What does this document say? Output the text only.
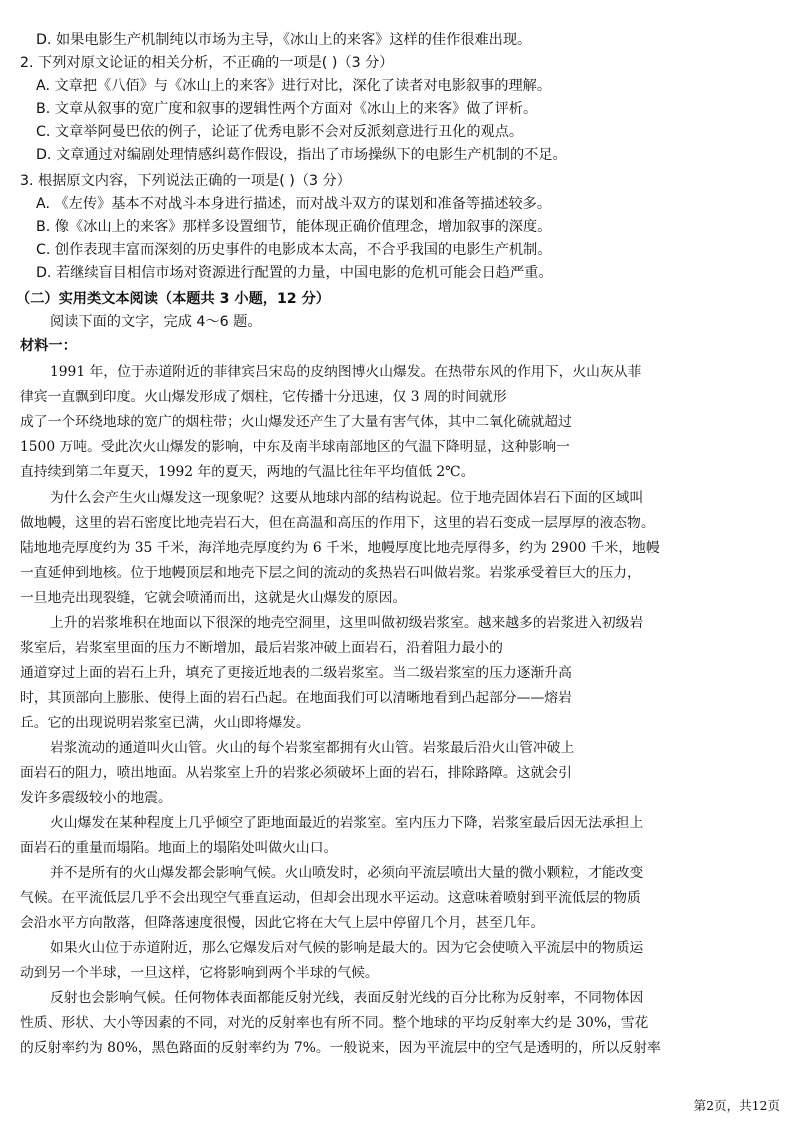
D. 如果电影生产机制纯以市场为主导，《冰山上的来客》这样的佳作很难出现。
2. 下列对原文论证的相关分析，不正确的一项是( )（3 分）
A. 文章把《八佰》与《冰山上的来客》进行对比，深化了读者对电影叙事的理解。
B. 文章从叙事的宽广度和叙事的逻辑性两个方面对《冰山上的来客》做了评析。
C. 文章举阿曼巴依的例子，论证了优秀电影不会对反派刻意进行丑化的观点。
D. 文章通过对编剧处理情感纠葛作假设，指出了市场操纵下的电影生产机制的不足。
3. 根据原文内容，下列说法正确的一项是( )（3 分）
A. 《左传》基本不对战斗本身进行描述，而对战斗双方的谋划和准备等描述较多。
B. 像《冰山上的来客》那样多设置细节，能体现正确价值理念，增加叙事的深度。
C. 创作表现丰富而深刻的历史事件的电影成本太高，不合乎我国的电影生产机制。
D. 若继续盲目相信市场对资源进行配置的力量，中国电影的危机可能会日趋严重。
（二）实用类文本阅读（本题共 3 小题，12 分）
阅读下面的文字，完成 4～6 题。
材料一：
1991 年，位于赤道附近的菲律宾吕宋岛的皮纳图博火山爆发。在热带东风的作用下，火山灰从菲
律宾一直飘到印度。火山爆发形成了烟柱，它传播十分迅速，仅 3 周的时间就形
成了一个环绕地球的宽广的烟柱带；火山爆发还产生了大量有害气体，其中二氧化硫就超过
1500 万吨。受此次火山爆发的影响，中东及南半球南部地区的气温下降明显，这种影响一
直持续到第二年夏天，1992 年的夏天，两地的气温比往年平均值低 2℃。
为什么会产生火山爆发这一现象呢？这要从地球内部的结构说起。位于地壳固体岩石下面的区域叫
做地幔，这里的岩石密度比地壳岩石大，但在高温和高压的作用下，这里的岩石变成一层厚厚的液态物。
陆地地壳厚度约为 35 千米，海洋地壳厚度约为 6 千米，地幔厚度比地壳厚得多，约为 2900 千米，地幔
一直延伸到地核。位于地幔顶层和地壳下层之间的流动的炙热岩石叫做岩浆。岩浆承受着巨大的压力，
一旦地壳出现裂缝，它就会喷涌而出，这就是火山爆发的原因。
上升的岩浆堆积在地面以下很深的地壳空洞里，这里叫做初级岩浆室。越来越多的岩浆进入初级岩
浆室后，岩浆室里面的压力不断增加，最后岩浆冲破上面岩石，沿着阻力最小的
通道穿过上面的岩石上升，填充了更接近地表的二级岩浆室。当二级岩浆室的压力逐渐升高
时，其顶部向上膨胀、使得上面的岩石凸起。在地面我们可以清晰地看到凸起部分——熔岩
丘。它的出现说明岩浆室已满，火山即将爆发。
岩浆流动的通道叫火山管。火山的每个岩浆室都拥有火山管。岩浆最后沿火山管冲破上
面岩石的阻力，喷出地面。从岩浆室上升的岩浆必须破坏上面的岩石，排除路障。这就会引
发许多震级较小的地震。
火山爆发在某种程度上几乎倾空了距地面最近的岩浆室。室内压力下降，岩浆室最后因无法承担上
面岩石的重量而塌陷。地面上的塌陷处叫做火山口。
并不是所有的火山爆发都会影响气候。火山喷发时，必须向平流层喷出大量的微小颗粒，才能改变
气候。在平流低层几乎不会出现空气垂直运动，但却会出现水平运动。这意味着喷射到平流低层的物质
会沿水平方向散落，但降落速度很慢，因此它将在大气上层中停留几个月，甚至几年。
如果火山位于赤道附近，那么它爆发后对气候的影响是最大的。因为它会使喷入平流层中的物质运
动到另一个半球，一旦这样，它将影响到两个半球的气候。
反射也会影响气候。任何物体表面都能反射光线，表面反射光线的百分比称为反射率，不同物体因
性质、形状、大小等因素的不同，对光的反射率也有所不同。整个地球的平均反射率大约是 30%，雪花
的反射率约为 80%，黑色路面的反射率约为 7%。一般说来，因为平流层中的空气是透明的，所以反射率
第2页，共12页
